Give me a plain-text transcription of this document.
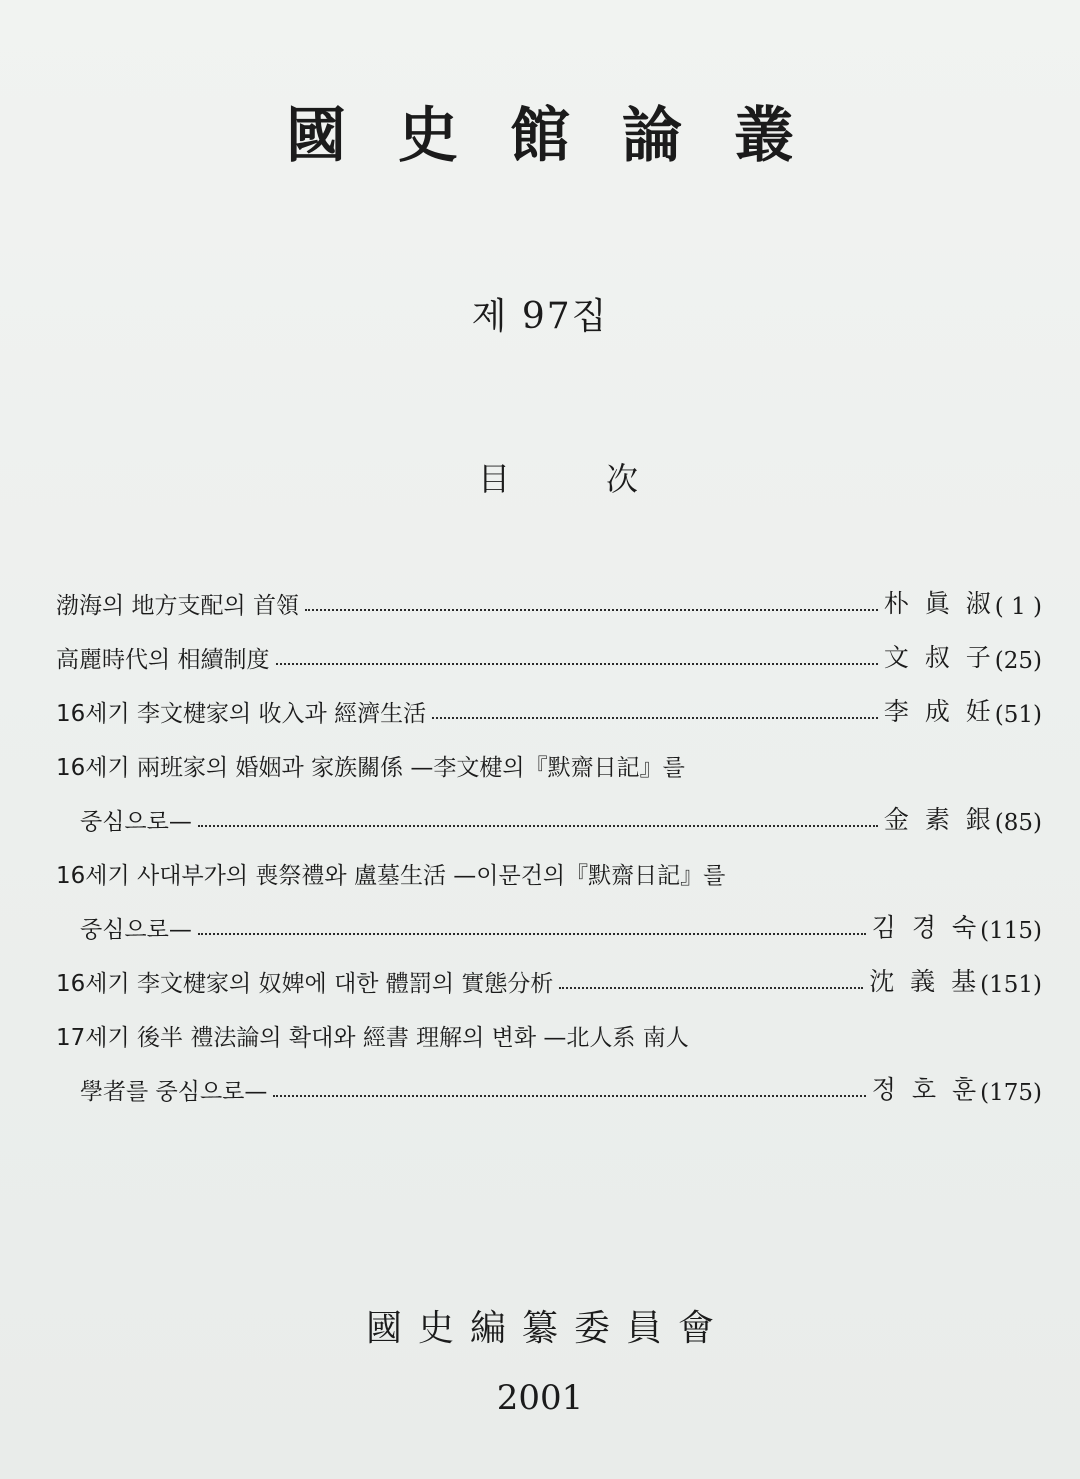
國史館論叢
제 97집
目	次
渤海의 地方支配의 首領	朴 眞 淑 ( 1 )
高麗時代의 相續制度	文 叔 子 (25)
16세기 李文楗家의 收入과 經濟生活	李 成 妊 (51)
16세기 兩班家의 婚姻과 家族關係 —李文楗의『默齋日記』를
중심으로—	金 素 銀 (85)
16세기 사대부가의 喪祭禮와 盧墓生活 —이문건의『默齋日記』를
중심으로—	김 경 숙 (115)
16세기 李文楗家의 奴婢에 대한 體罰의 實態分析	沈 義 基 (151)
17세기 後半 禮法論의 확대와 經書 理解의 변화 —北人系 南人
學者를 중심으로—	정 호 훈 (175)
國史編纂委員會
2001
